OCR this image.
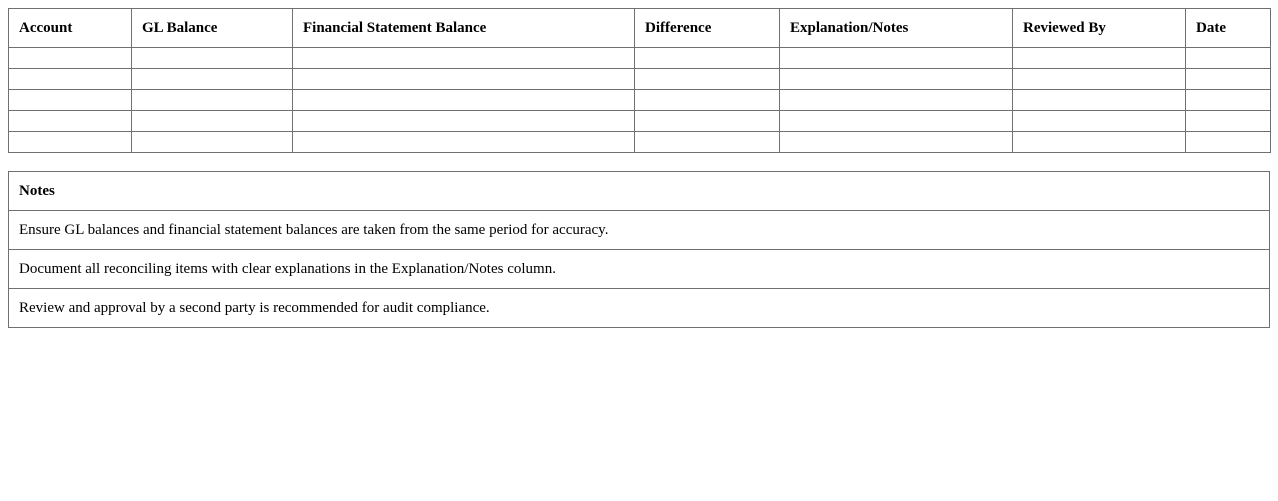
Account	GL Balance	Financial Statement Balance	Difference	Explanation/Notes	Reviewed By	Date

Notes
Ensure GL balances and financial statement balances are taken from the same period for accuracy.
Document all reconciling items with clear explanations in the Explanation/Notes column.
Review and approval by a second party is recommended for audit compliance.
